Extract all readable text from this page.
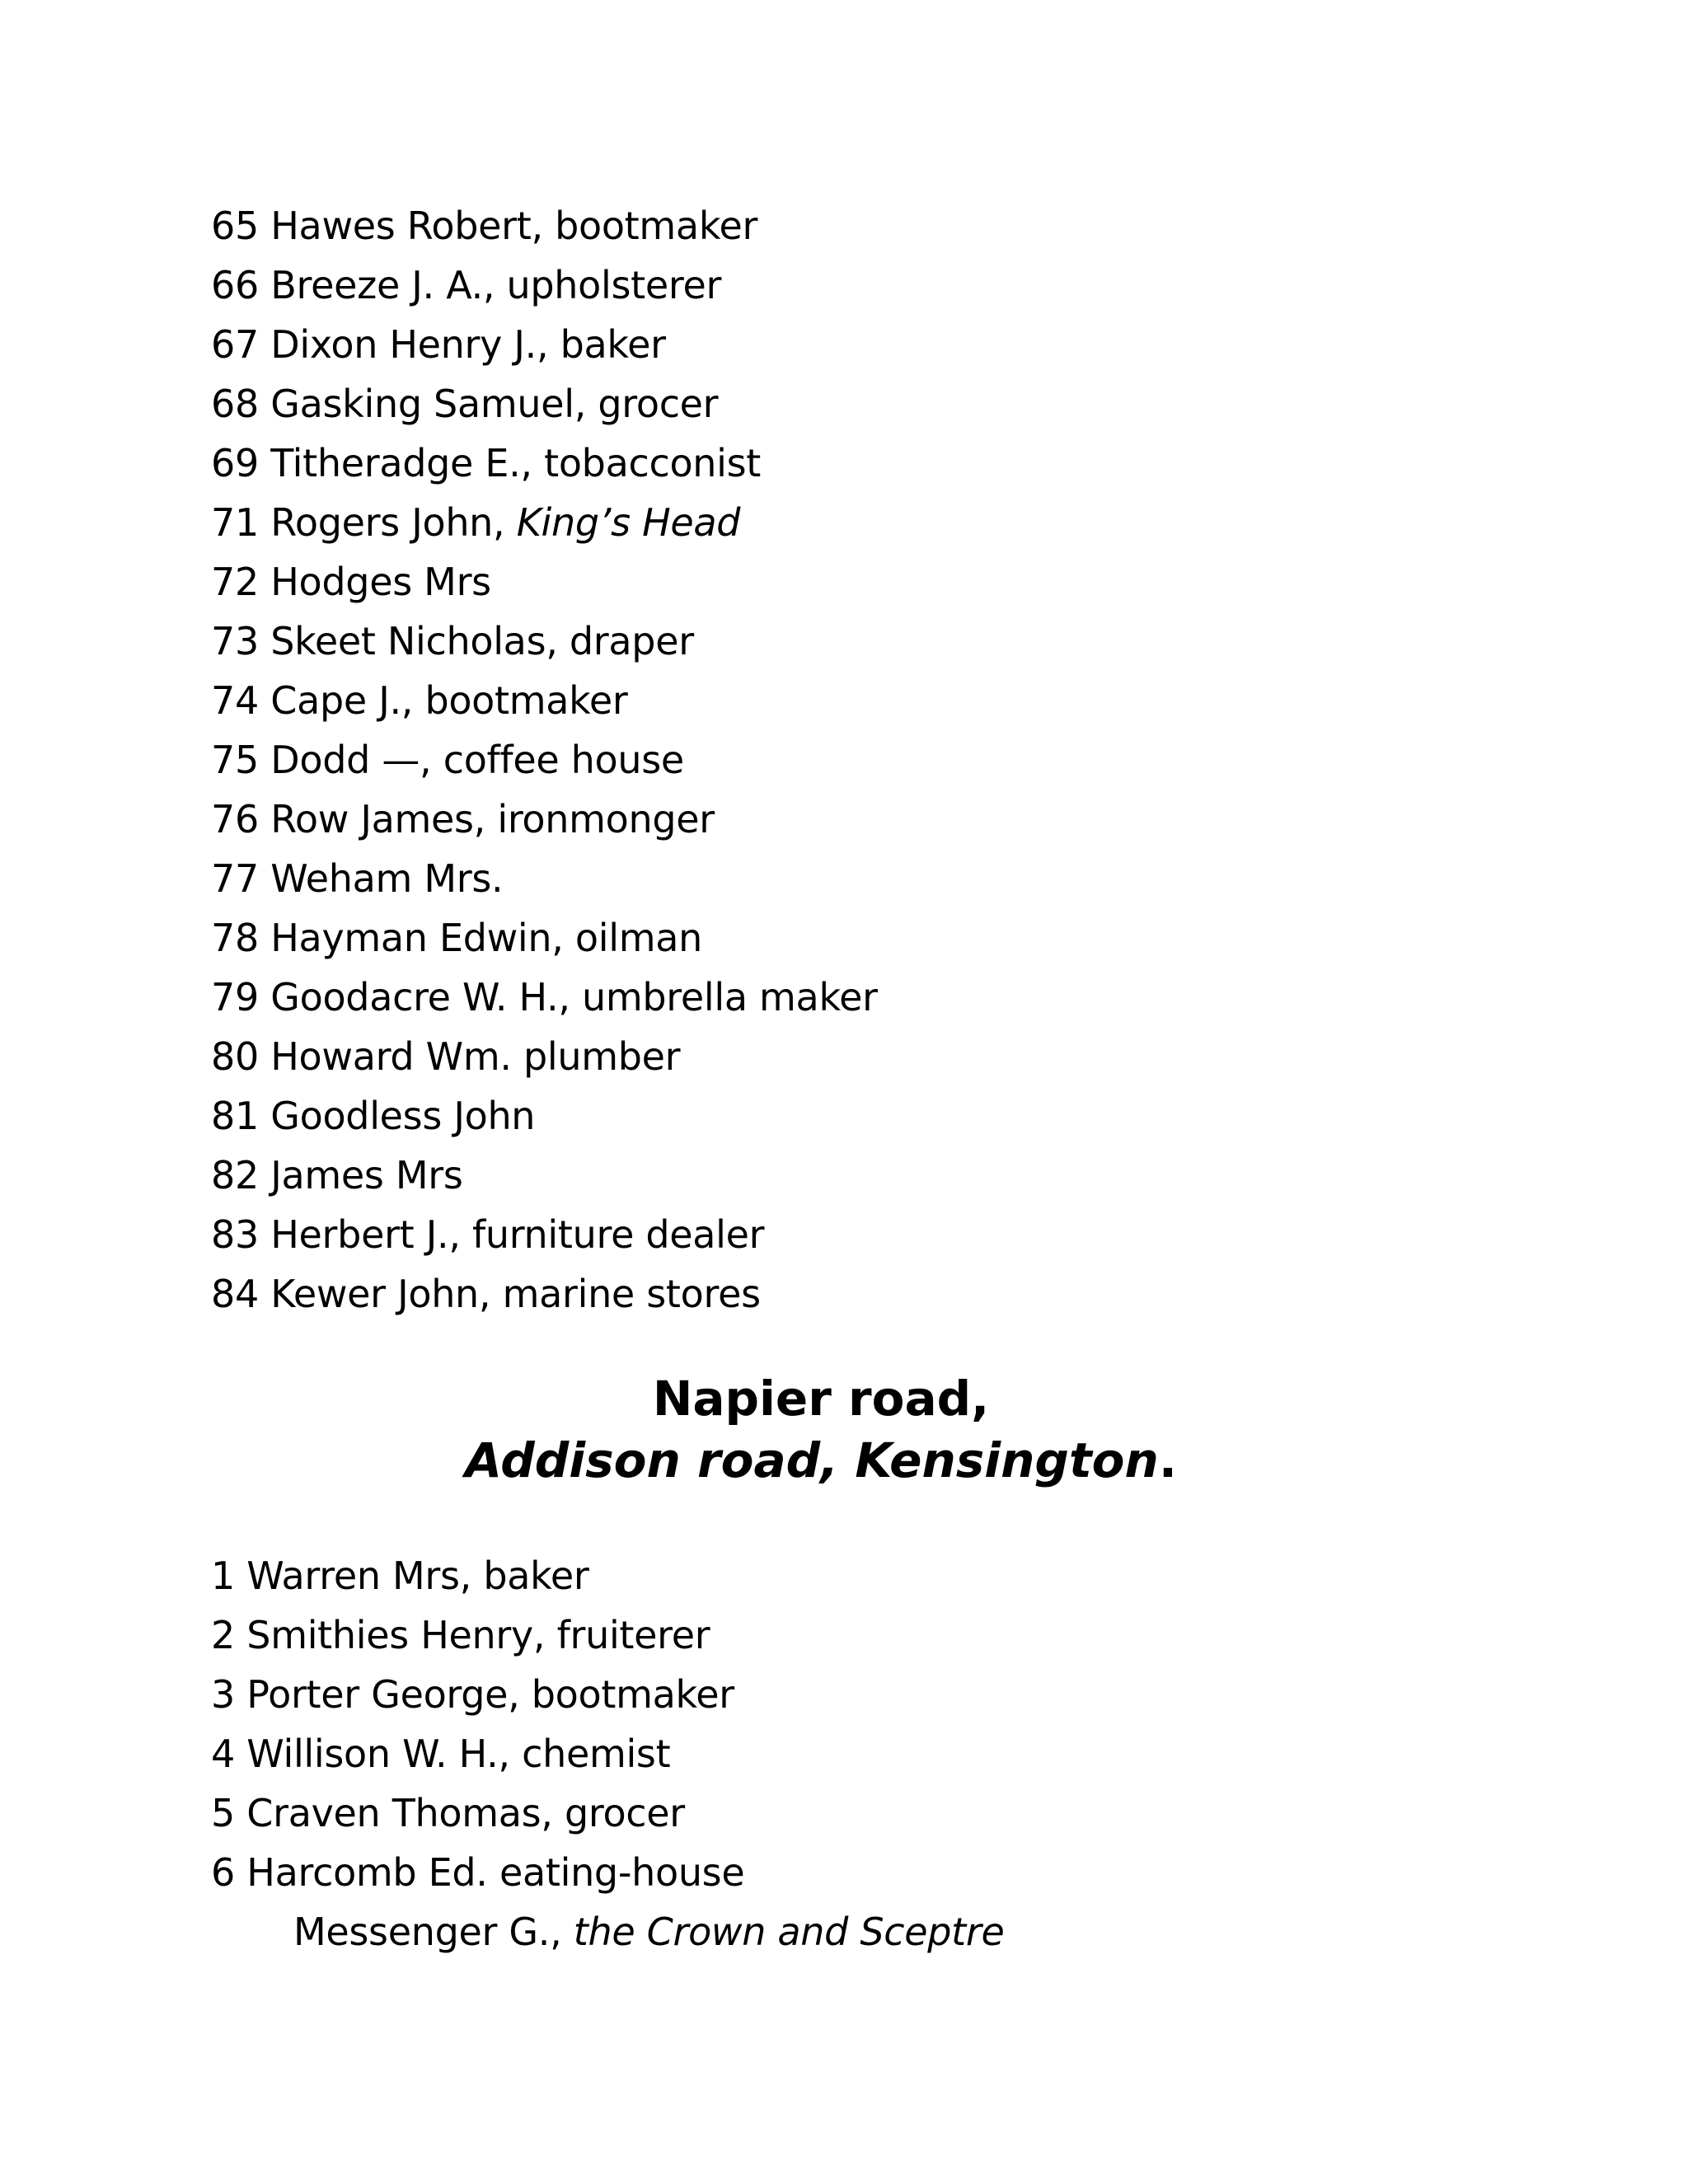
65 Hawes Robert, bootmaker
66 Breeze J. A., upholsterer
67 Dixon Henry J., baker
68 Gasking Samuel, grocer
69 Titheradge E., tobacconist
71 Rogers John, King’s Head
72 Hodges Mrs
73 Skeet Nicholas, draper
74 Cape J., bootmaker
75 Dodd —, coffee house
76 Row James, ironmonger
77 Weham Mrs.
78 Hayman Edwin, oilman
79 Goodacre W. H., umbrella maker
80 Howard Wm. plumber
81 Goodless John
82 James Mrs
83 Herbert J., furniture dealer
84 Kewer John, marine stores
Napier road,
Addison road, Kensington.
1 Warren Mrs, baker
2 Smithies Henry, fruiterer
3 Porter George, bootmaker
4 Willison W. H., chemist
5 Craven Thomas, grocer
6 Harcomb Ed. eating-house
Messenger G., the Crown and Sceptre
